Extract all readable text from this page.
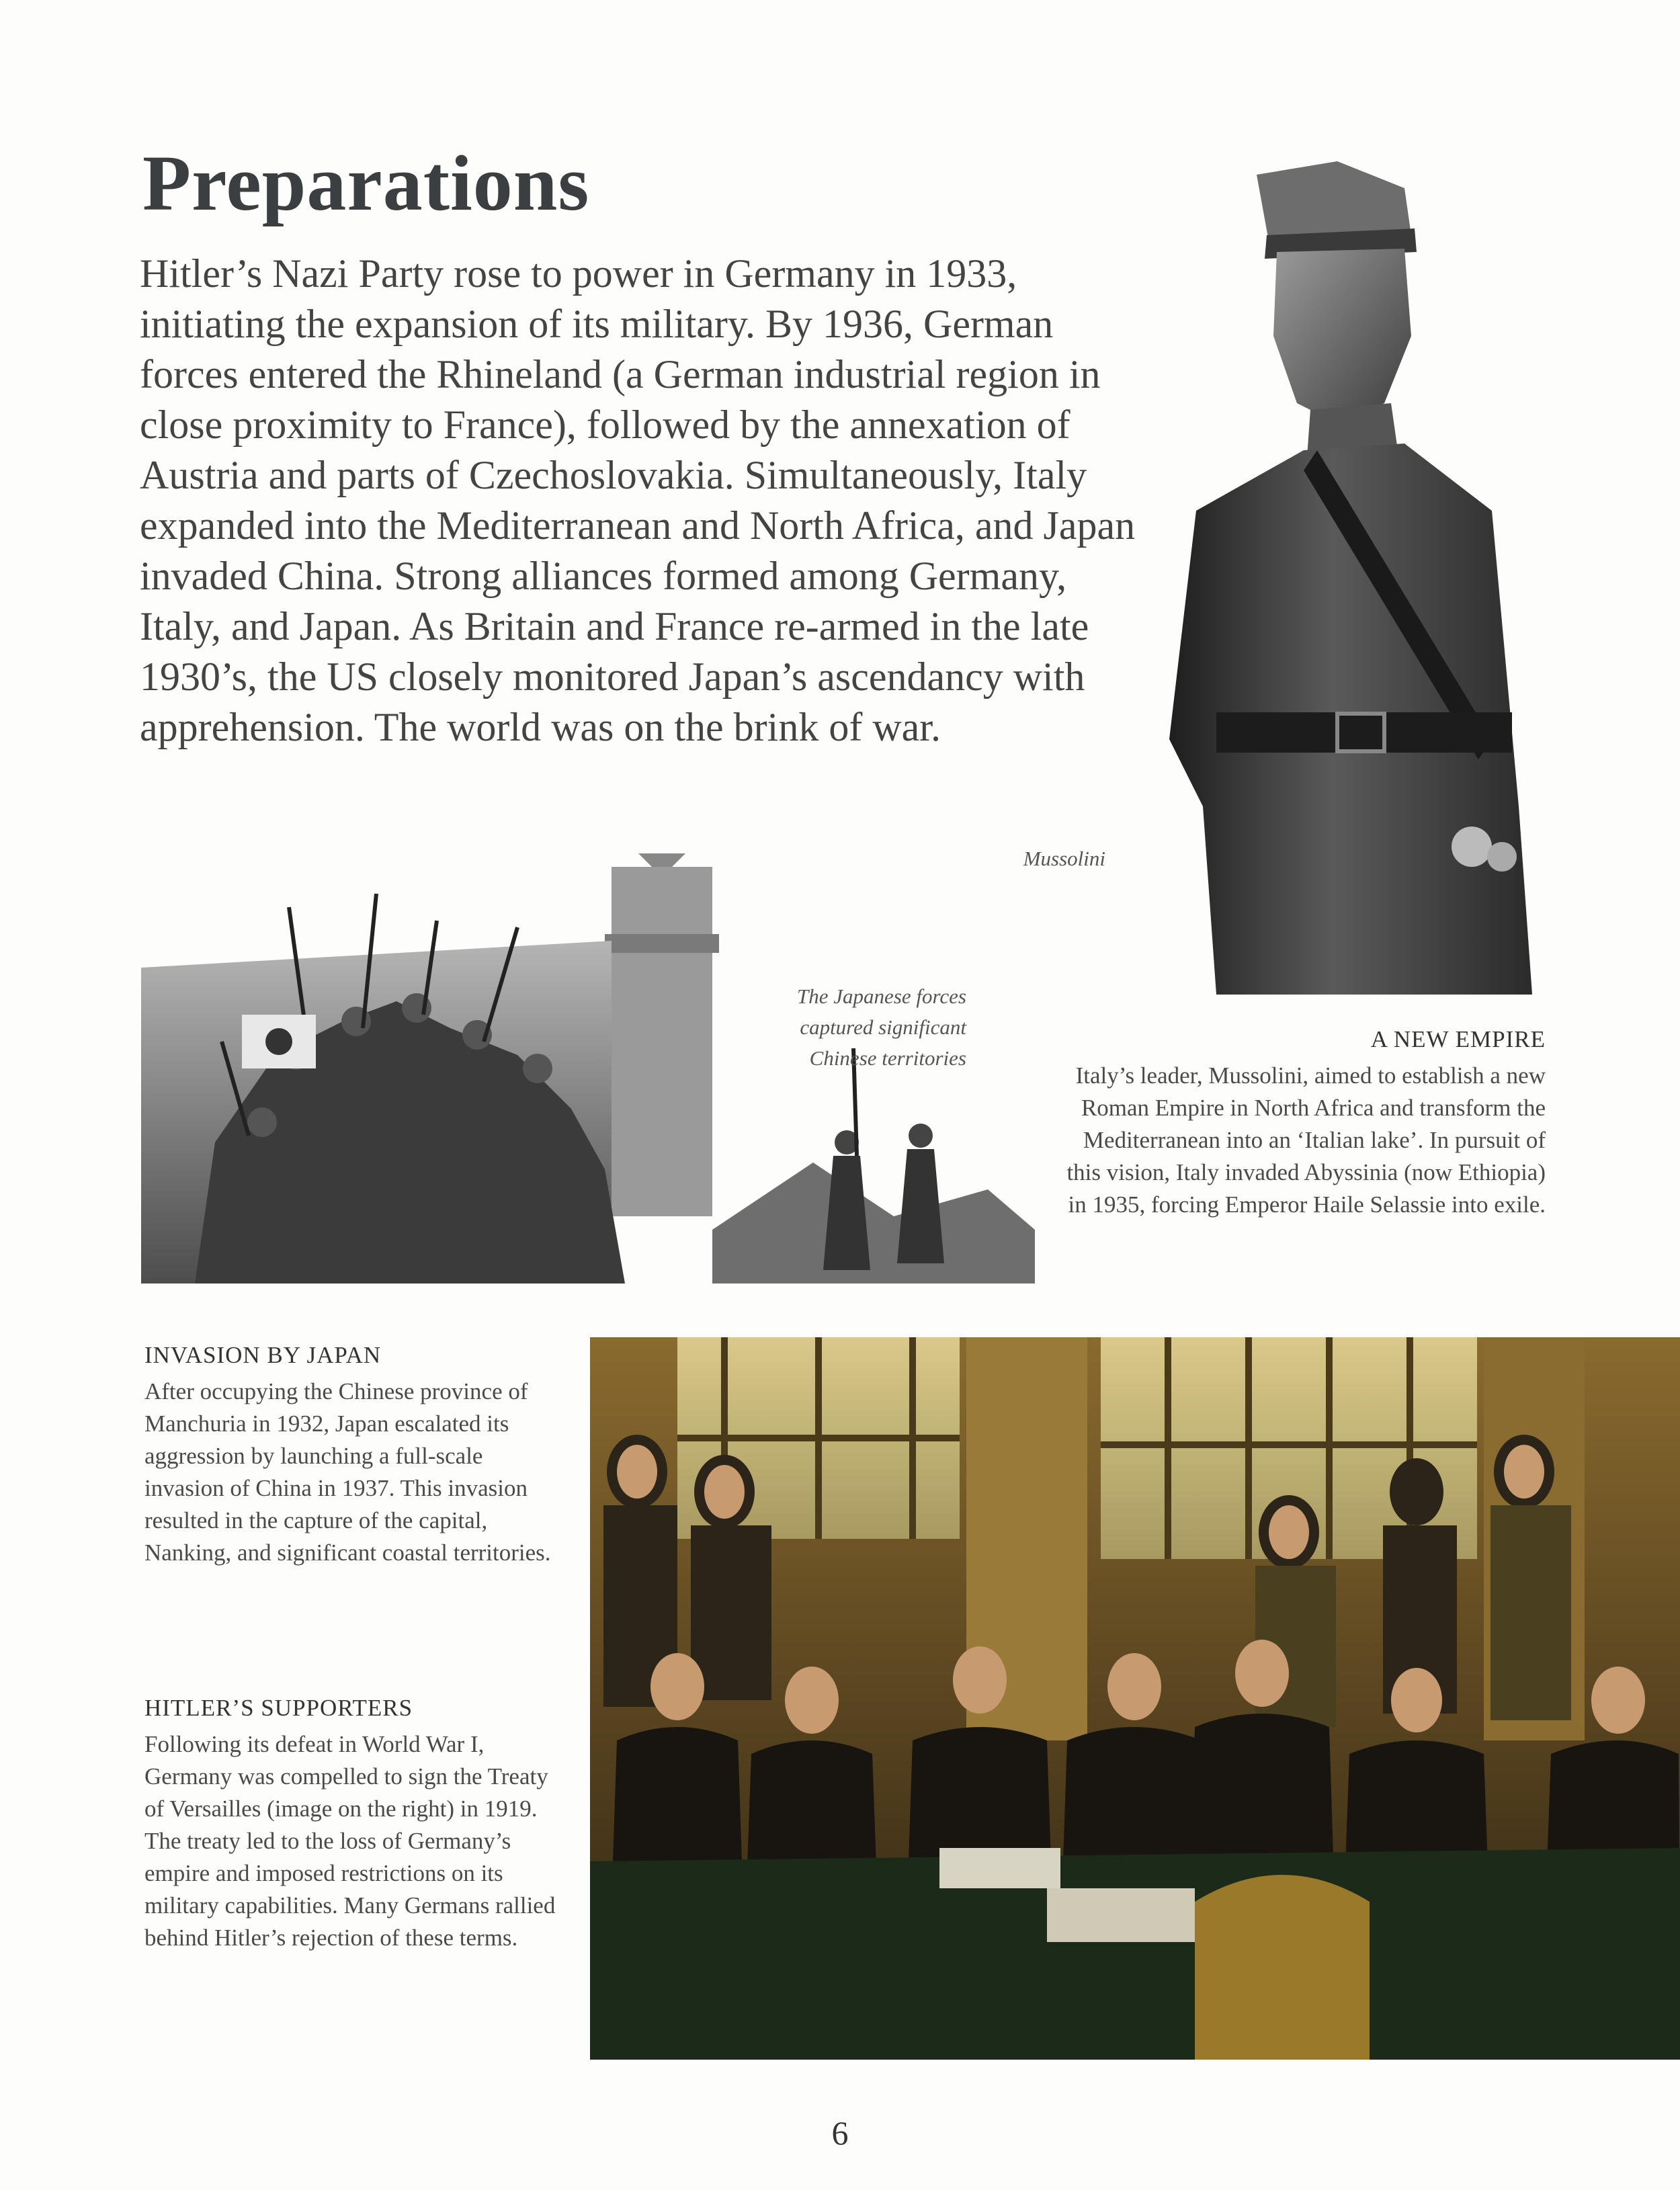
Preparations

Hitler’s Nazi Party rose to power in Germany in 1933, initiating the expansion of its military. By 1936, German forces entered the Rhineland (a German industrial region in close proximity to France), followed by the annexation of Austria and parts of Czechoslovakia. Simultaneously, Italy expanded into the Mediterranean and North Africa, and Japan invaded China. Strong alliances formed among Germany, Italy, and Japan. As Britain and France re-armed in the late 1930’s, the US closely monitored Japan’s ascendancy with apprehension. The world was on the brink of war.

Mussolini
The Japanese forces captured significant Chinese territories
A NEW EMPIRE

Italy’s leader, Mussolini, aimed to establish a new Roman Empire in North Africa and transform the Mediterranean into an ‘Italian lake’. In pursuit of this vision, Italy invaded Abyssinia (now Ethiopia) in 1935, forcing Emperor Haile Selassie into exile.

INVASION BY JAPAN

After occupying the Chinese province of Manchuria in 1932, Japan escalated its aggression by launching a full-scale invasion of China in 1937. This invasion resulted in the capture of the capital, Nanking, and significant coastal territories.

HITLER’S SUPPORTERS

Following its defeat in World War I, Germany was compelled to sign the Treaty of Versailles (image on the right) in 1919. The treaty led to the loss of Germany’s empire and imposed restrictions on its military capabilities. Many Germans rallied behind Hitler’s rejection of these terms.

6
